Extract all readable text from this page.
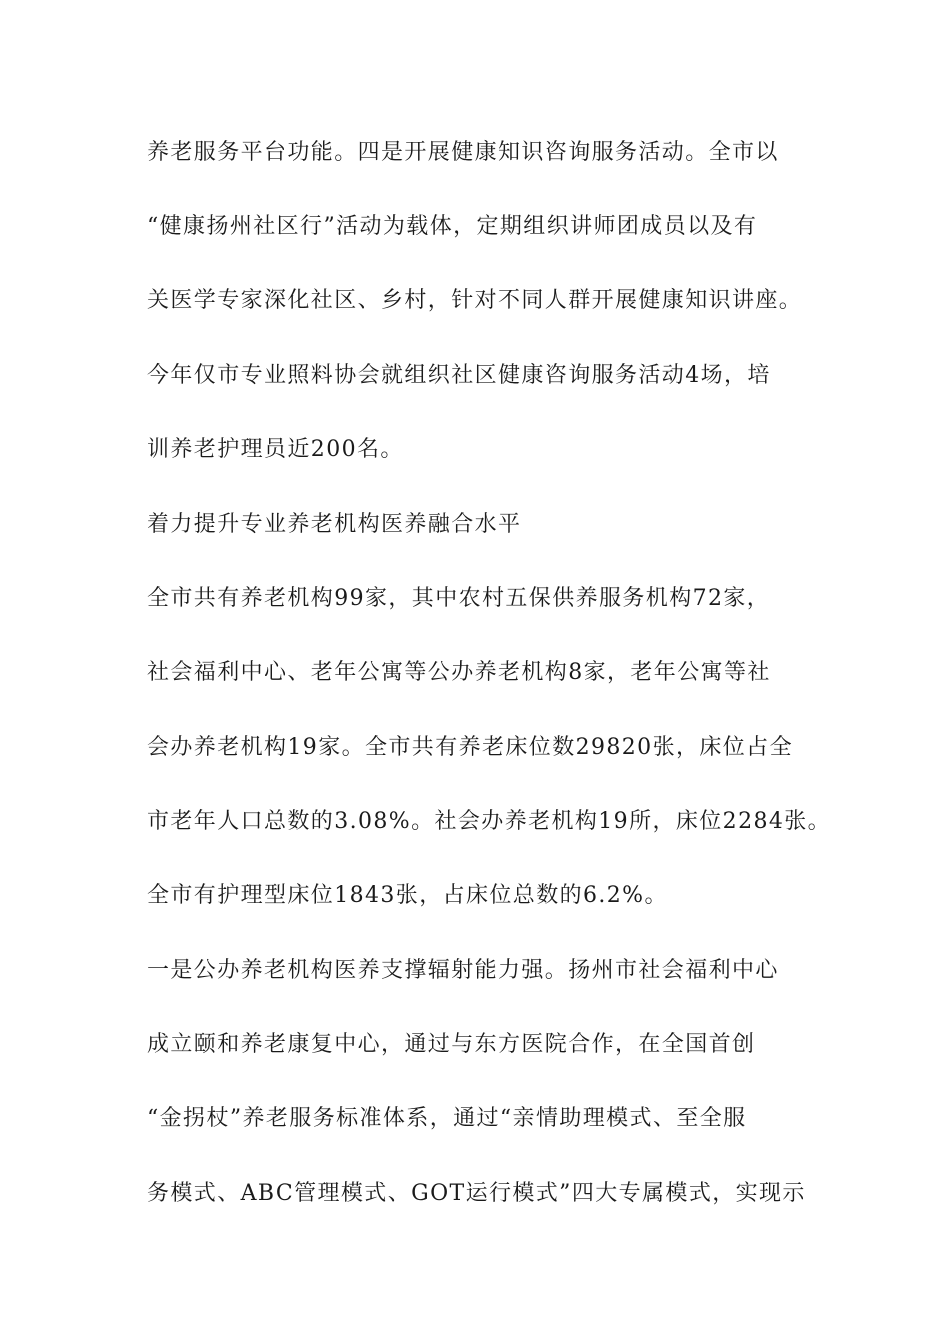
养老服务平台功能。四是开展健康知识咨询服务活动。全市以
“健康扬州社区行”活动为载体，定期组织讲师团成员以及有
关医学专家深化社区、乡村，针对不同人群开展健康知识讲座。
今年仅市专业照料协会就组织社区健康咨询服务活动4场，培
训养老护理员近200名。
着力提升专业养老机构医养融合水平
全市共有养老机构99家，其中农村五保供养服务机构72家，
社会福利中心、老年公寓等公办养老机构8家，老年公寓等社
会办养老机构19家。全市共有养老床位数29820张，床位占全
市老年人口总数的3.08%。社会办养老机构19所，床位2284张。
全市有护理型床位1843张，占床位总数的6.2%。
一是公办养老机构医养支撑辐射能力强。扬州市社会福利中心
成立颐和养老康复中心，通过与东方医院合作，在全国首创
“金拐杖”养老服务标准体系，通过“亲情助理模式、至全服
务模式、ABC管理模式、GOT运行模式”四大专属模式，实现示
